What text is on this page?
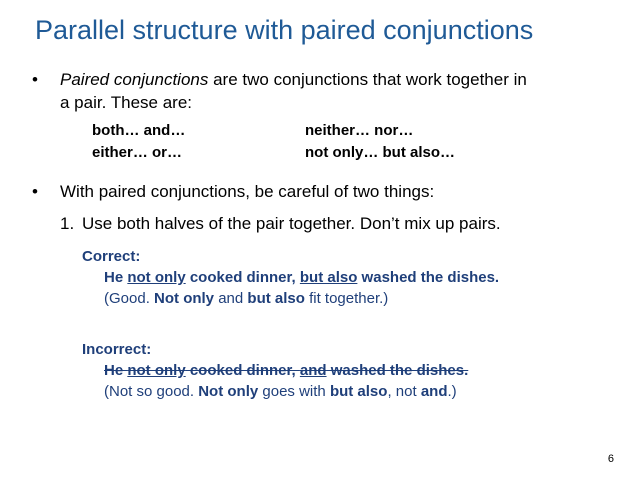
Parallel structure with paired conjunctions
• Paired conjunctions are two conjunctions that work together in
a pair. These are:
both… and…	neither… nor…
either… or…	not only… but also…
• With paired conjunctions, be careful of two things:
1. Use both halves of the pair together. Don’t mix up pairs.
Correct:
He not only cooked dinner, but also washed the dishes.
(Good. Not only and but also fit together.)
Incorrect:
He not only cooked dinner, and washed the dishes.
(Not so good. Not only goes with but also, not and.)
6
